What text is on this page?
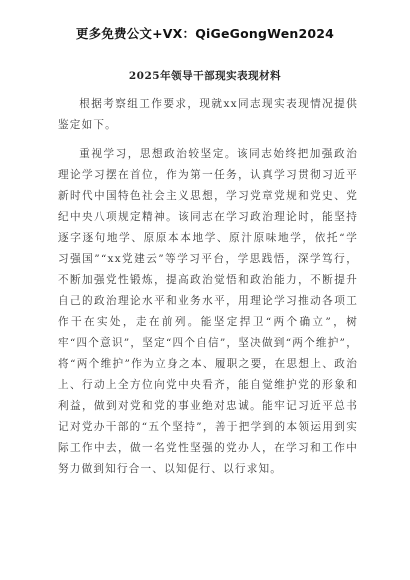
更多免费公文+VX：QiGeGongWen2024
2025年领导干部现实表现材料

根据考察组工作要求，现就xx同志现实表现情况提供鉴定如下。

重视学习，思想政治较坚定。该同志始终把加强政治理论学习摆在首位，作为第一任务，认真学习贯彻习近平新时代中国特色社会主义思想，学习党章党规和党史、党纪中央八项规定精神。该同志在学习政治理论时，能坚持逐字逐句地学、原原本本地学、原汁原味地学，依托“学习强国”“xx党建云”等学习平台，学思践悟，深学笃行，不断加强党性锻炼，提高政治觉悟和政治能力，不断提升自己的政治理论水平和业务水平，用理论学习推动各项工作干在实处，走在前列。能坚定捍卫“两个确立”，树牢“四个意识”，坚定“四个自信”，坚决做到“两个维护”，将“两个维护”作为立身之本、履职之要，在思想上、政治上、行动上全方位向党中央看齐，能自觉维护党的形象和利益，做到对党和党的事业绝对忠诚。能牢记习近平总书记对党办干部的“五个坚持”，善于把学到的本领运用到实际工作中去，做一名党性坚强的党办人，在学习和工作中努力做到知行合一、以知促行、以行求知。
